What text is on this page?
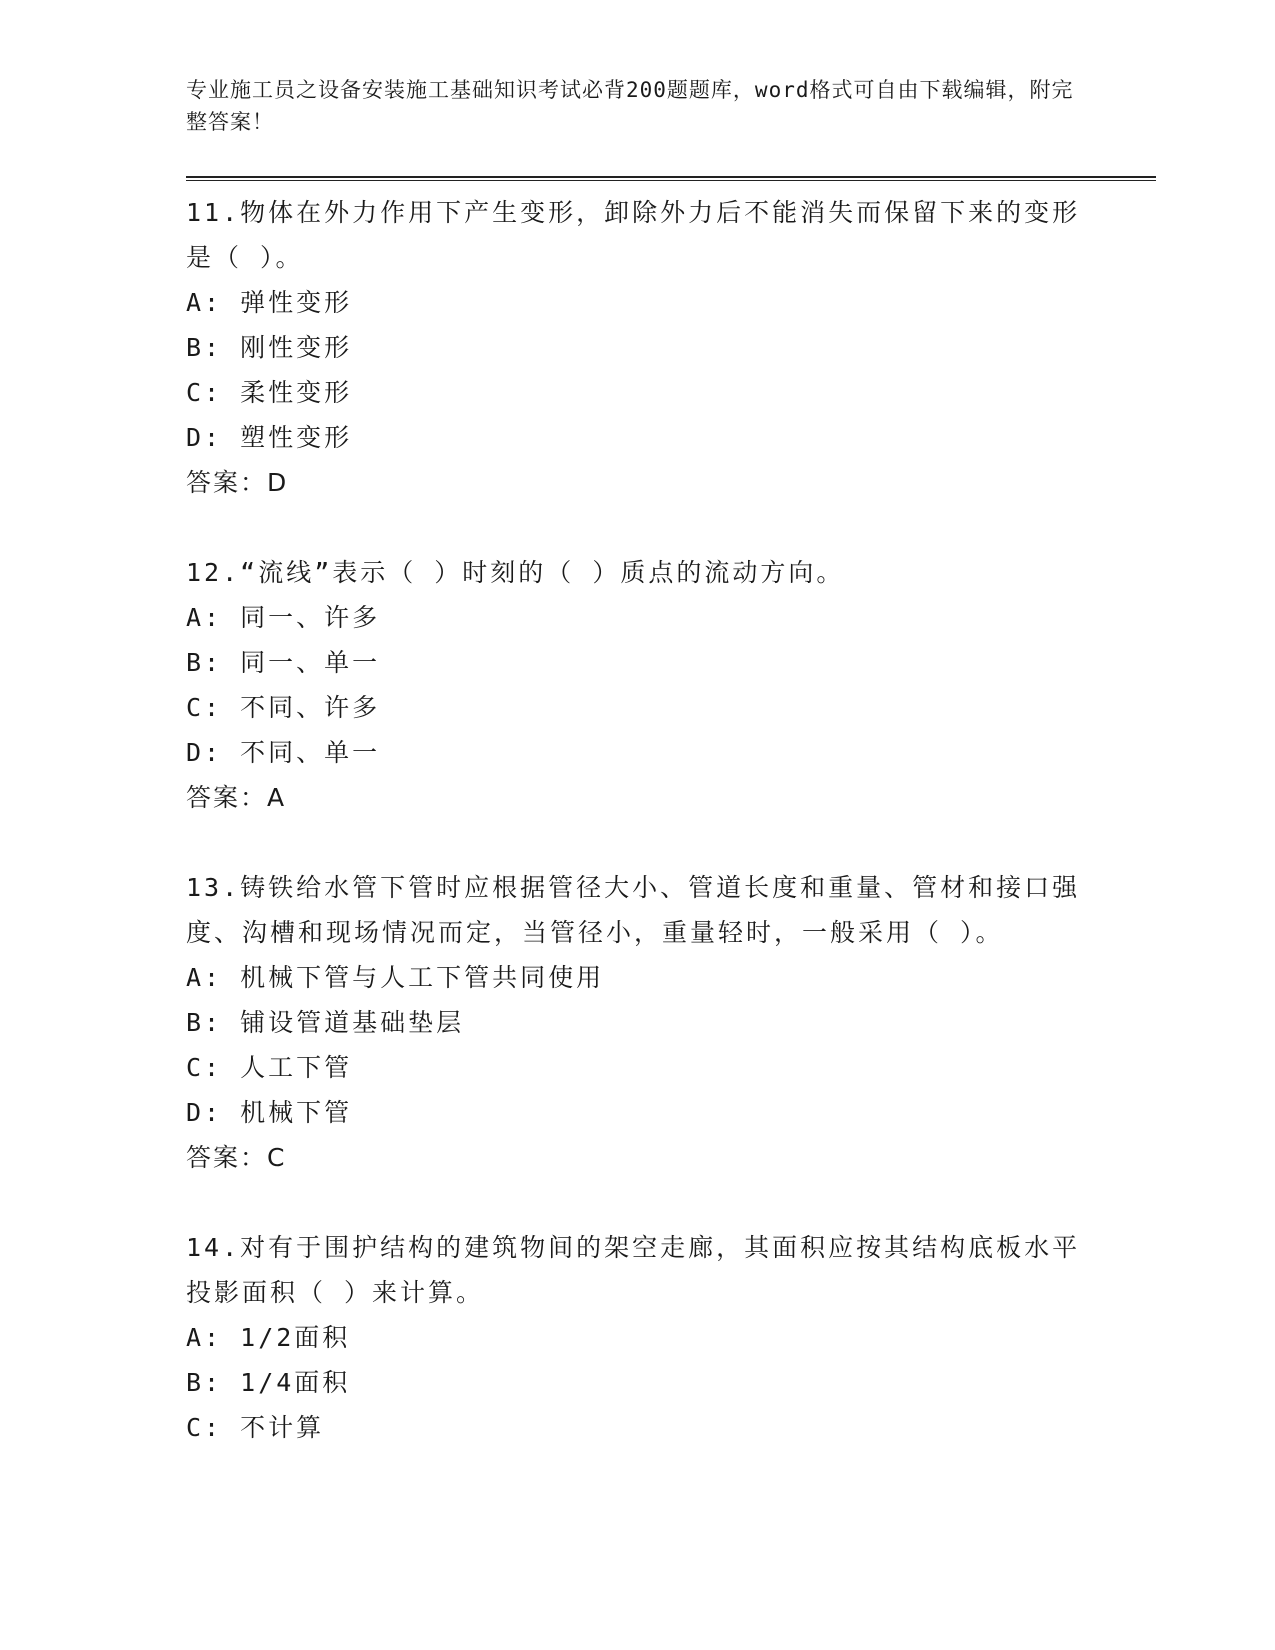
专业施工员之设备安装施工基础知识考试必背200题题库，word格式可自由下载编辑，附完整答案！
11.物体在外力作用下产生变形，卸除外力后不能消失而保留下来的变形是（ ）。
A: 弹性变形
B: 刚性变形
C: 柔性变形
D: 塑性变形
答案：D
12.“流线”表示（ ）时刻的（ ）质点的流动方向。
A: 同一、许多
B: 同一、单一
C: 不同、许多
D: 不同、单一
答案：A
13.铸铁给水管下管时应根据管径大小、管道长度和重量、管材和接口强度、沟槽和现场情况而定，当管径小，重量轻时，一般采用（ ）。
A: 机械下管与人工下管共同使用
B: 铺设管道基础垫层
C: 人工下管
D: 机械下管
答案：C
14.对有于围护结构的建筑物间的架空走廊，其面积应按其结构底板水平投影面积（ ）来计算。
A: 1/2面积
B: 1/4面积
C: 不计算
